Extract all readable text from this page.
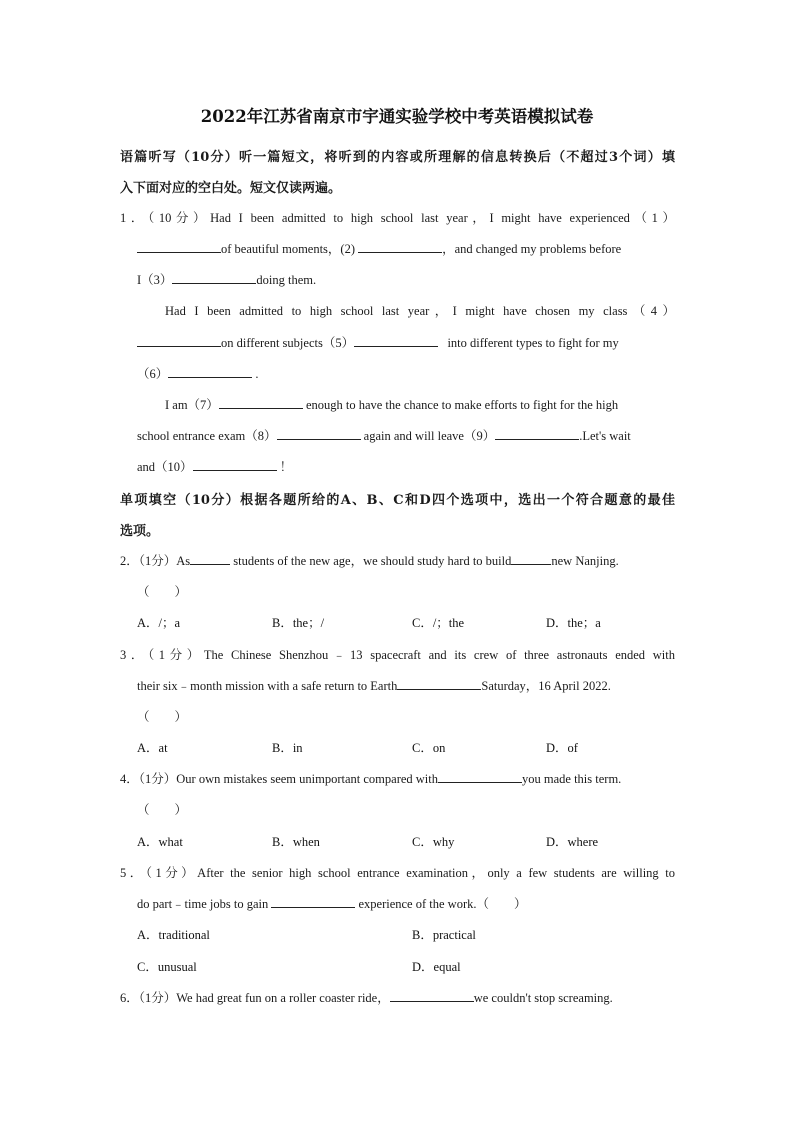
2022年江苏省南京市宇通实验学校中考英语模拟试卷
语篇听写（10分）听一篇短文，将听到的内容或所理解的信息转换后（不超过3个词）填
入下面对应的空白处。短文仅读两遍。
1．（10分）Had I been admitted to high school last year，I might have experienced（1）
of beautiful moments，(2)	，and changed my problems before
I（3）	doing them.
Had I been admitted to high school last year，I might have chosen my class（4）
on different subjects（5）	into different types to fight for my
（6）	.
I am（7）	enough to have the chance to make efforts to fight for the high
school entrance exam（8）	again and will leave（9）	.Let's wait
and（10）	！
单项填空（10分）根据各题所给的A、B、C和D四个选项中，选出一个符合题意的最佳
选项。
2．（1分）As	students of the new age，we should study hard to build	new Nanjing.
（　　）
A．/；a	B．the；/	C．/；the	D．the；a
3．（1分）The Chinese Shenzhou﹣13 spacecraft and its crew of three astronauts ended with
their six﹣month mission with a safe return to Earth	Saturday，16 April 2022.
（　　）
A．at	B．in	C．on	D．of
4．（1分）Our own mistakes seem unimportant compared with	you made this term.
（　　）
A．what	B．when	C．why	D．where
5．（1分）After the senior high school entrance examination，only a few students are willing to
do part﹣time jobs to gain	experience of the work.（　　）
A．traditional	B．practical
C．unusual	D．equal
6．（1分）We had great fun on a roller coaster ride，	we couldn't stop screaming.
